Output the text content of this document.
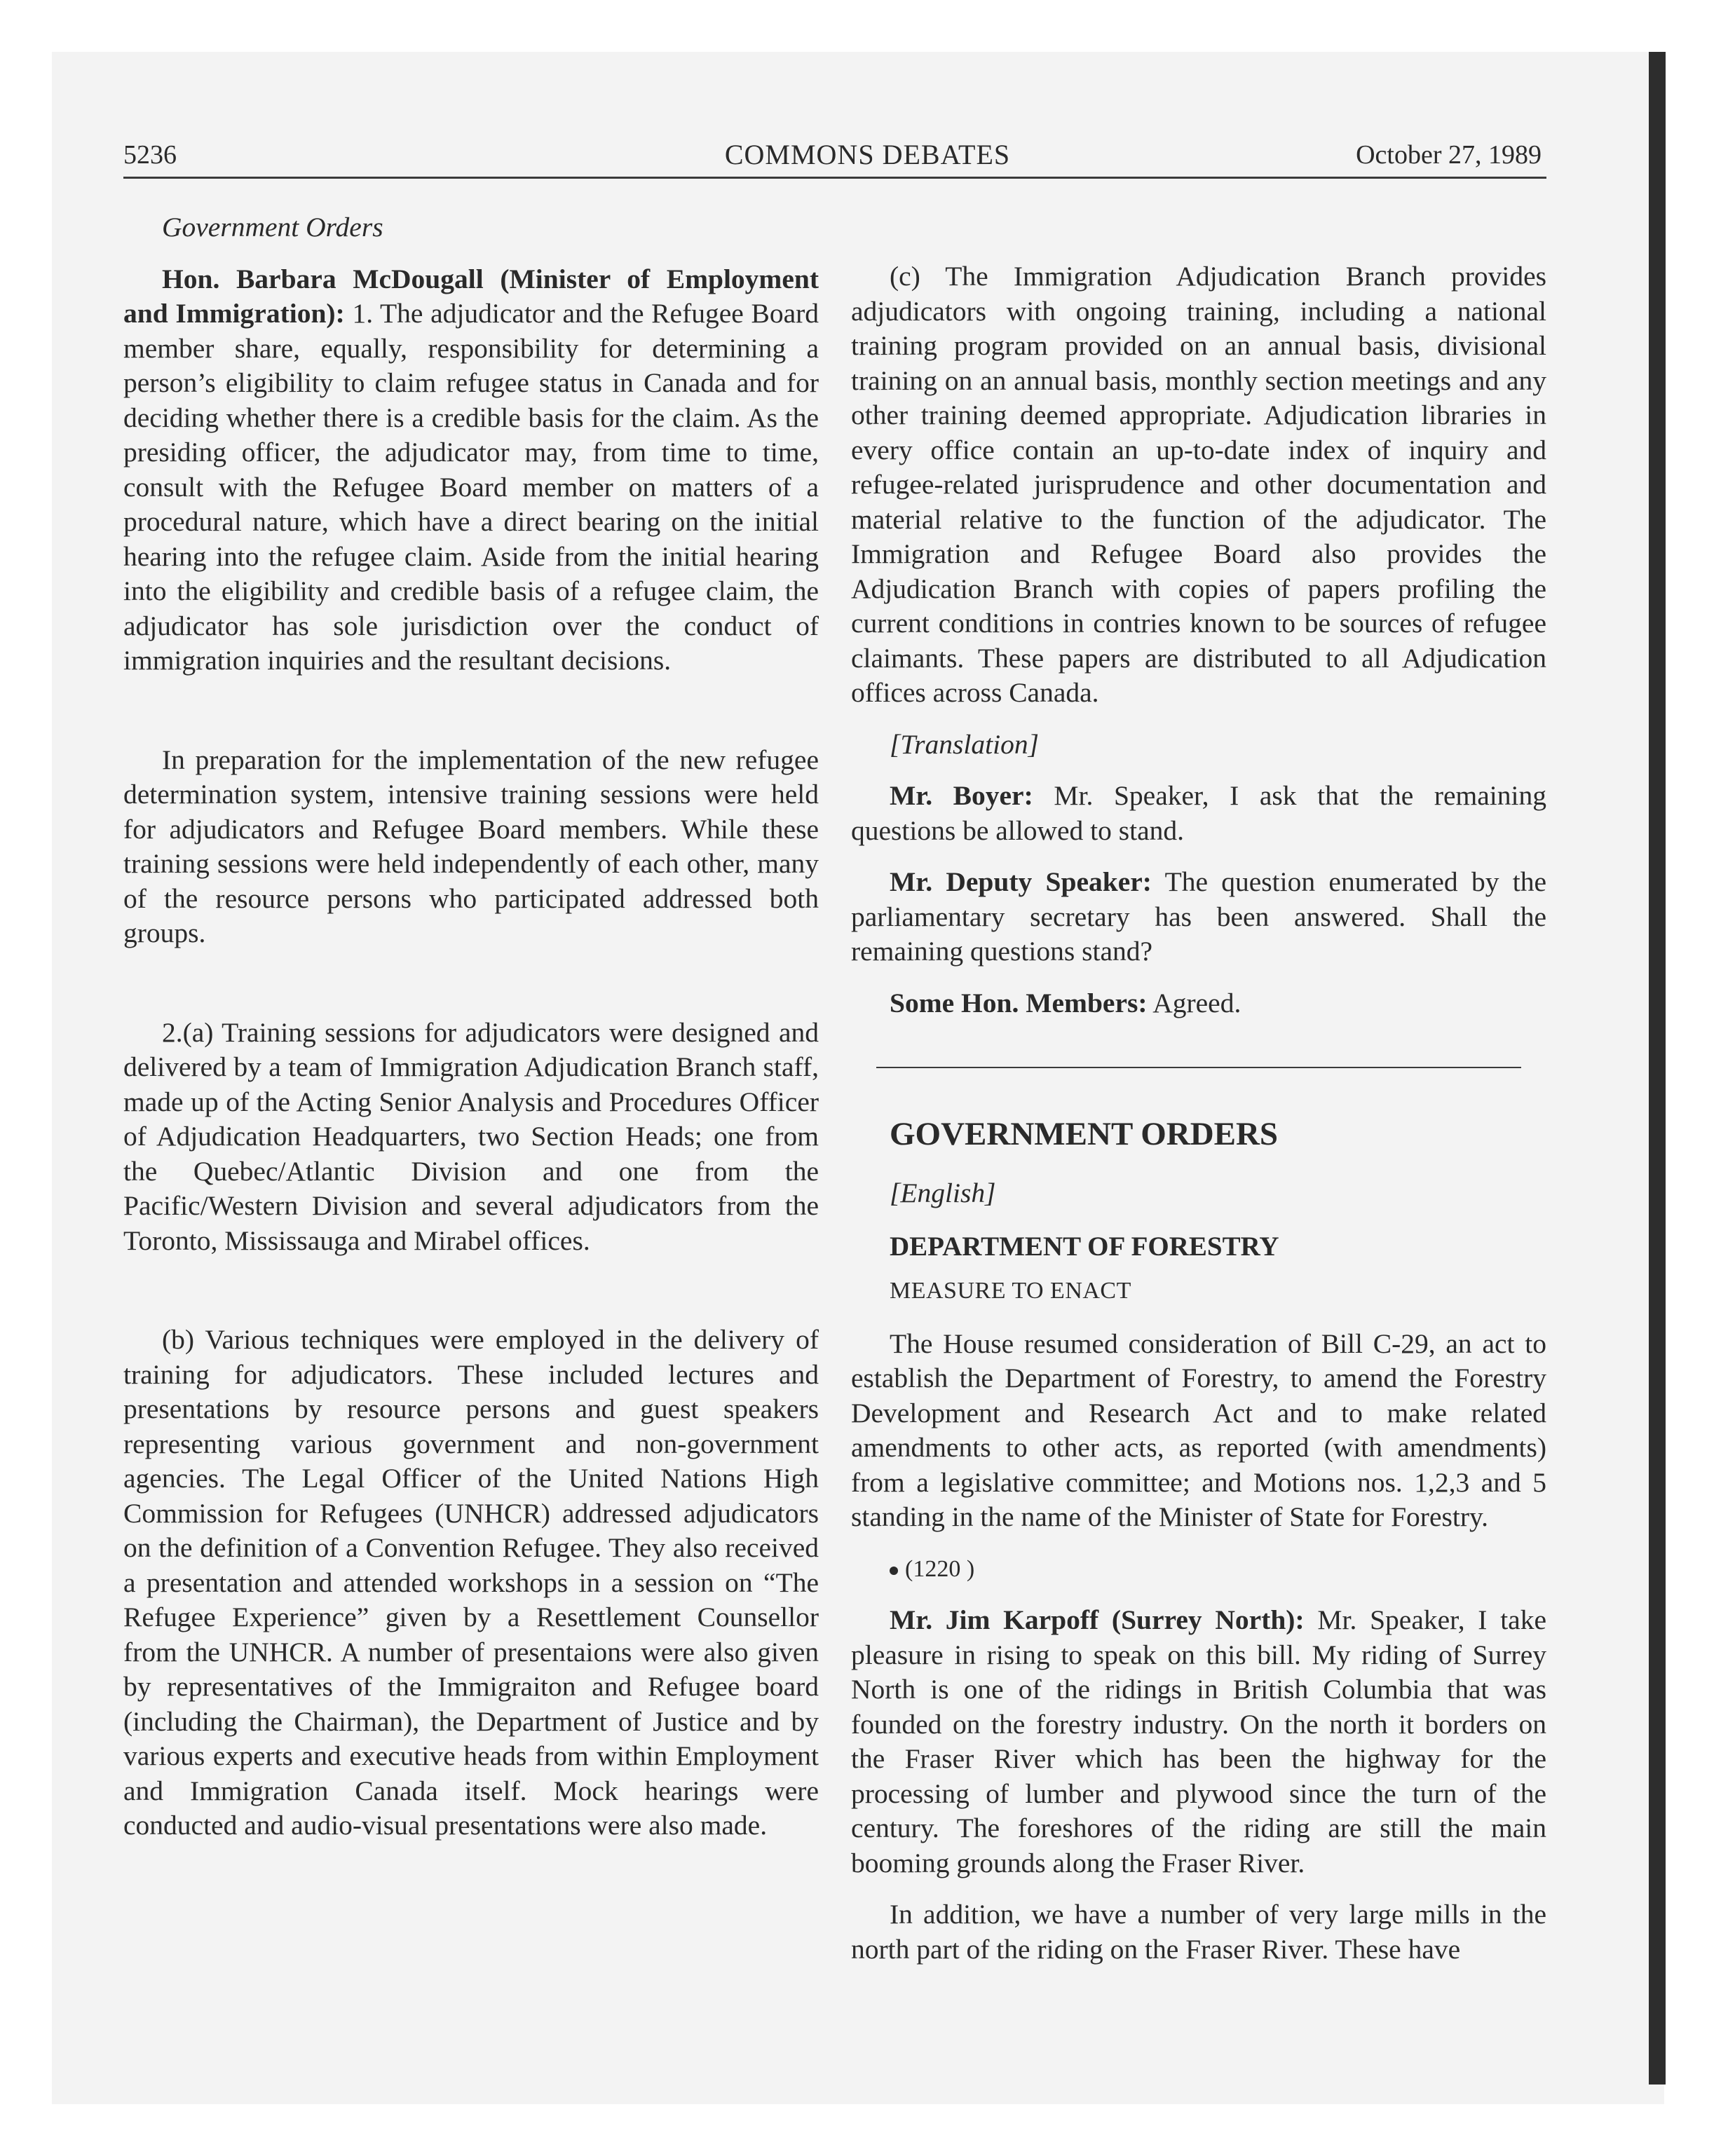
5236	COMMONS DEBATES	October 27, 1989

Government Orders

Hon. Barbara McDougall (Minister of Employment and Immigration): 1. The adjudicator and the Refugee Board member share, equally, responsibility for determining a person’s eligibility to claim refugee status in Canada and for deciding whether there is a credible basis for the claim. As the presiding officer, the adjudicator may, from time to time, consult with the Refugee Board member on matters of a procedural nature, which have a direct bearing on the initial hearing into the refugee claim. Aside from the initial hearing into the eligibility and credible basis of a refugee claim, the adjudicator has sole jurisdiction over the conduct of immigration inquiries and the resultant decisions.

In preparation for the implementation of the new refugee determination system, intensive training sessions were held for adjudicators and Refugee Board members. While these training sessions were held independently of each other, many of the resource persons who participated addressed both groups.

2.(a) Training sessions for adjudicators were designed and delivered by a team of Immigration Adjudication Branch staff, made up of the Acting Senior Analysis and Procedures Officer of Adjudication Headquarters, two Section Heads; one from the Quebec/Atlantic Division and one from the Pacific/Western Division and several adjudicators from the Toronto, Mississauga and Mirabel offices.

(b) Various techniques were employed in the delivery of training for adjudicators. These included lectures and presentations by resource persons and guest speakers representing various government and non-government agencies. The Legal Officer of the United Nations High Commission for Refugees (UNHCR) addressed adjudicators on the definition of a Convention Refugee. They also received a presentation and attended workshops in a session on “The Refugee Experience” given by a Resettlement Counsellor from the UNHCR. A number of presentaions were also given by representatives of the Immigraiton and Refugee board (including the Chairman), the Department of Justice and by various experts and executive heads from within Employment and Immigration Canada itself. Mock hearings were conducted and audio-visual presentations were also made.

(c) The Immigration Adjudication Branch provides adjudicators with ongoing training, including a national training program provided on an annual basis, divisional training on an annual basis, monthly section meetings and any other training deemed appropriate. Adjudication libraries in every office contain an up-to-date index of inquiry and refugee-related jurisprudence and other documentation and material relative to the function of the adjudicator. The Immigration and Refugee Board also provides the Adjudication Branch with copies of papers profiling the current conditions in contries known to be sources of refugee claimants. These papers are distributed to all Adjudication offices across Canada.

[Translation]

Mr. Boyer: Mr. Speaker, I ask that the remaining questions be allowed to stand.

Mr. Deputy Speaker: The question enumerated by the parliamentary secretary has been answered. Shall the remaining questions stand?

Some Hon. Members: Agreed.

GOVERNMENT ORDERS

[English]

DEPARTMENT OF FORESTRY

MEASURE TO ENACT

The House resumed consideration of Bill C-29, an act to establish the Department of Forestry, to amend the Forestry Development and Research Act and to make related amendments to other acts, as reported (with amendments) from a legislative committee; and Motions nos. 1,2,3 and 5 standing in the name of the Minister of State for Forestry.

(1220 )

Mr. Jim Karpoff (Surrey North): Mr. Speaker, I take pleasure in rising to speak on this bill. My riding of Surrey North is one of the ridings in British Columbia that was founded on the forestry industry. On the north it borders on the Fraser River which has been the highway for the processing of lumber and plywood since the turn of the century. The foreshores of the riding are still the main booming grounds along the Fraser River.

In addition, we have a number of very large mills in the north part of the riding on the Fraser River. These have
